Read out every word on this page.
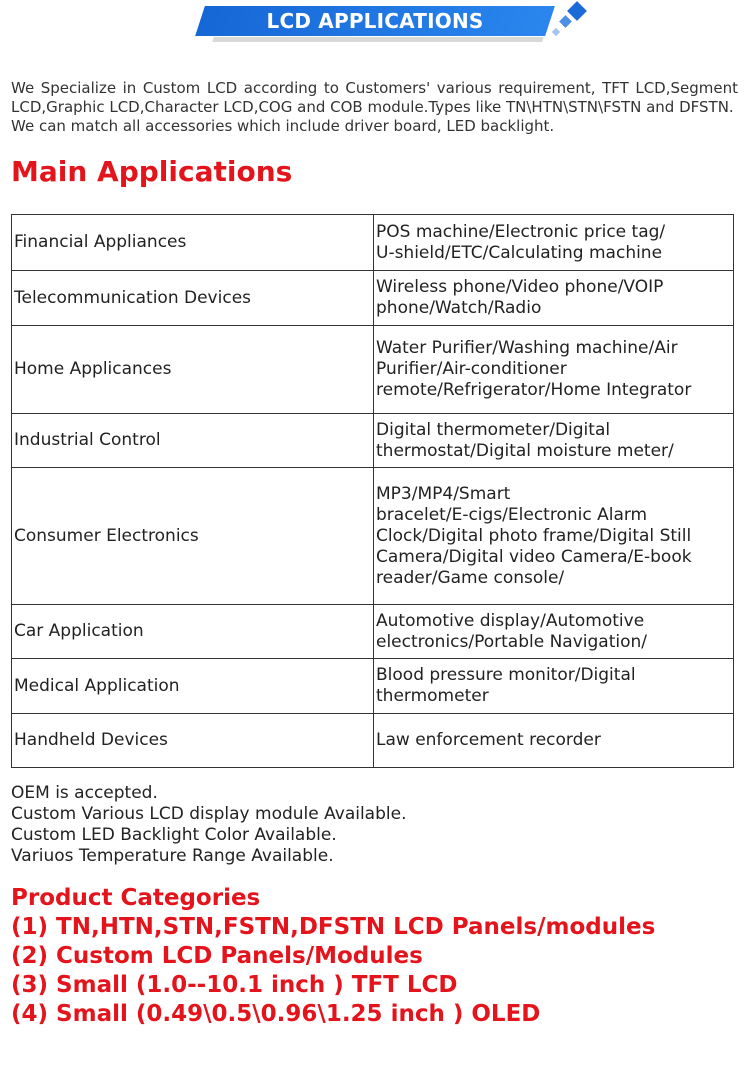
LCD APPLICATIONS

We Specialize in Custom LCD according to Customers' various requirement, TFT LCD,Segment

LCD,Graphic LCD,Character LCD,COG and COB module.Types like TN\HTN\STN\FSTN and DFSTN.

We can match all accessories which include driver board, LED backlight.

Main Applications
Financial Appliances	POS machine/Electronic price tag/
U-shield/ETC/Calculating machine
Telecommunication Devices	Wireless phone/Video phone/VOIP
phone/Watch/Radio
Home Applicances	Water Purifier/Washing machine/Air
Purifier/Air-conditioner
remote/Refrigerator/Home Integrator
Industrial Control	Digital thermometer/Digital
thermostat/Digital moisture meter/
Consumer Electronics	MP3/MP4/Smart
bracelet/E-cigs/Electronic Alarm
Clock/Digital photo frame/Digital Still
Camera/Digital video Camera/E-book
reader/Game console/
Car Application	Automotive display/Automotive
electronics/Portable Navigation/
Medical Application	Blood pressure monitor/Digital
thermometer
Handheld Devices	Law enforcement recorder
OEM is accepted.
Custom Various LCD display module Available.
Custom LED Backlight Color Available.
Variuos Temperature Range Available.
Product Categories
(1) TN,HTN,STN,FSTN,DFSTN LCD Panels/modules
(2) Custom LCD Panels/Modules
(3) Small (1.0--10.1 inch ) TFT LCD
(4) Small (0.49\0.5\0.96\1.25 inch ) OLED
